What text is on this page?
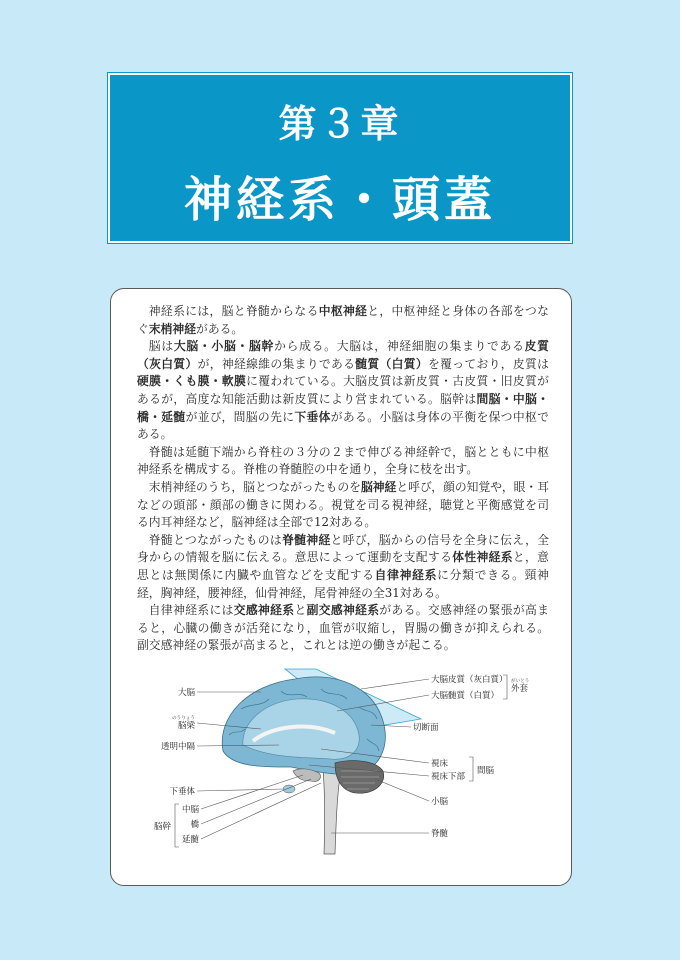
第３章
神経系・頭蓋

神経系には，脳と脊髄からなる中枢神経と，中枢神経と身体の各部をつなぐ末梢神経がある。

脳は大脳・小脳・脳幹から成る。大脳は，神経細胞の集まりである皮質（灰白質）が，神経線維の集まりである髄質（白質）を覆っており，皮質は硬膜・くも膜・軟膜に覆われている。大脳皮質は新皮質・古皮質・旧皮質があるが，高度な知能活動は新皮質により営まれている。脳幹は間脳・中脳・橋・延髄が並び，間脳の先に下垂体がある。小脳は身体の平衡を保つ中枢である。

脊髄は延髄下端から脊柱の３分の２まで伸びる神経幹で，脳とともに中枢神経系を構成する。脊椎の脊髄腔の中を通り，全身に枝を出す。

末梢神経のうち，脳とつながったものを脳神経と呼び，顔の知覚や，眼・耳などの頭部・顔部の働きに関わる。視覚を司る視神経，聴覚と平衡感覚を司る内耳神経など，脳神経は全部で12対ある。

脊髄とつながったものは脊髄神経と呼び，脳からの信号を全身に伝え，全身からの情報を脳に伝える。意思によって運動を支配する体性神経系と，意思とは無関係に内臓や血管などを支配する自律神経系に分類できる。頸神経，胸神経，腰神経，仙骨神経，尾骨神経の全31対ある。

自律神経系には交感神経系と副交感神経系がある。交感神経の緊張が高まると，心臓の働きが活発になり，血管が収縮し，胃腸の働きが抑えられる。副交感神経の緊張が高まると，これとは逆の働きが起こる。

大脳
のうりょう
脳梁
透明中隔
下垂体
脳幹
中脳
橋
延髄
大脳皮質（灰白質）
大脳髄質（白質）
がいとう
外套
切断面
視床
視床下部
間脳
小脳
脊髄
